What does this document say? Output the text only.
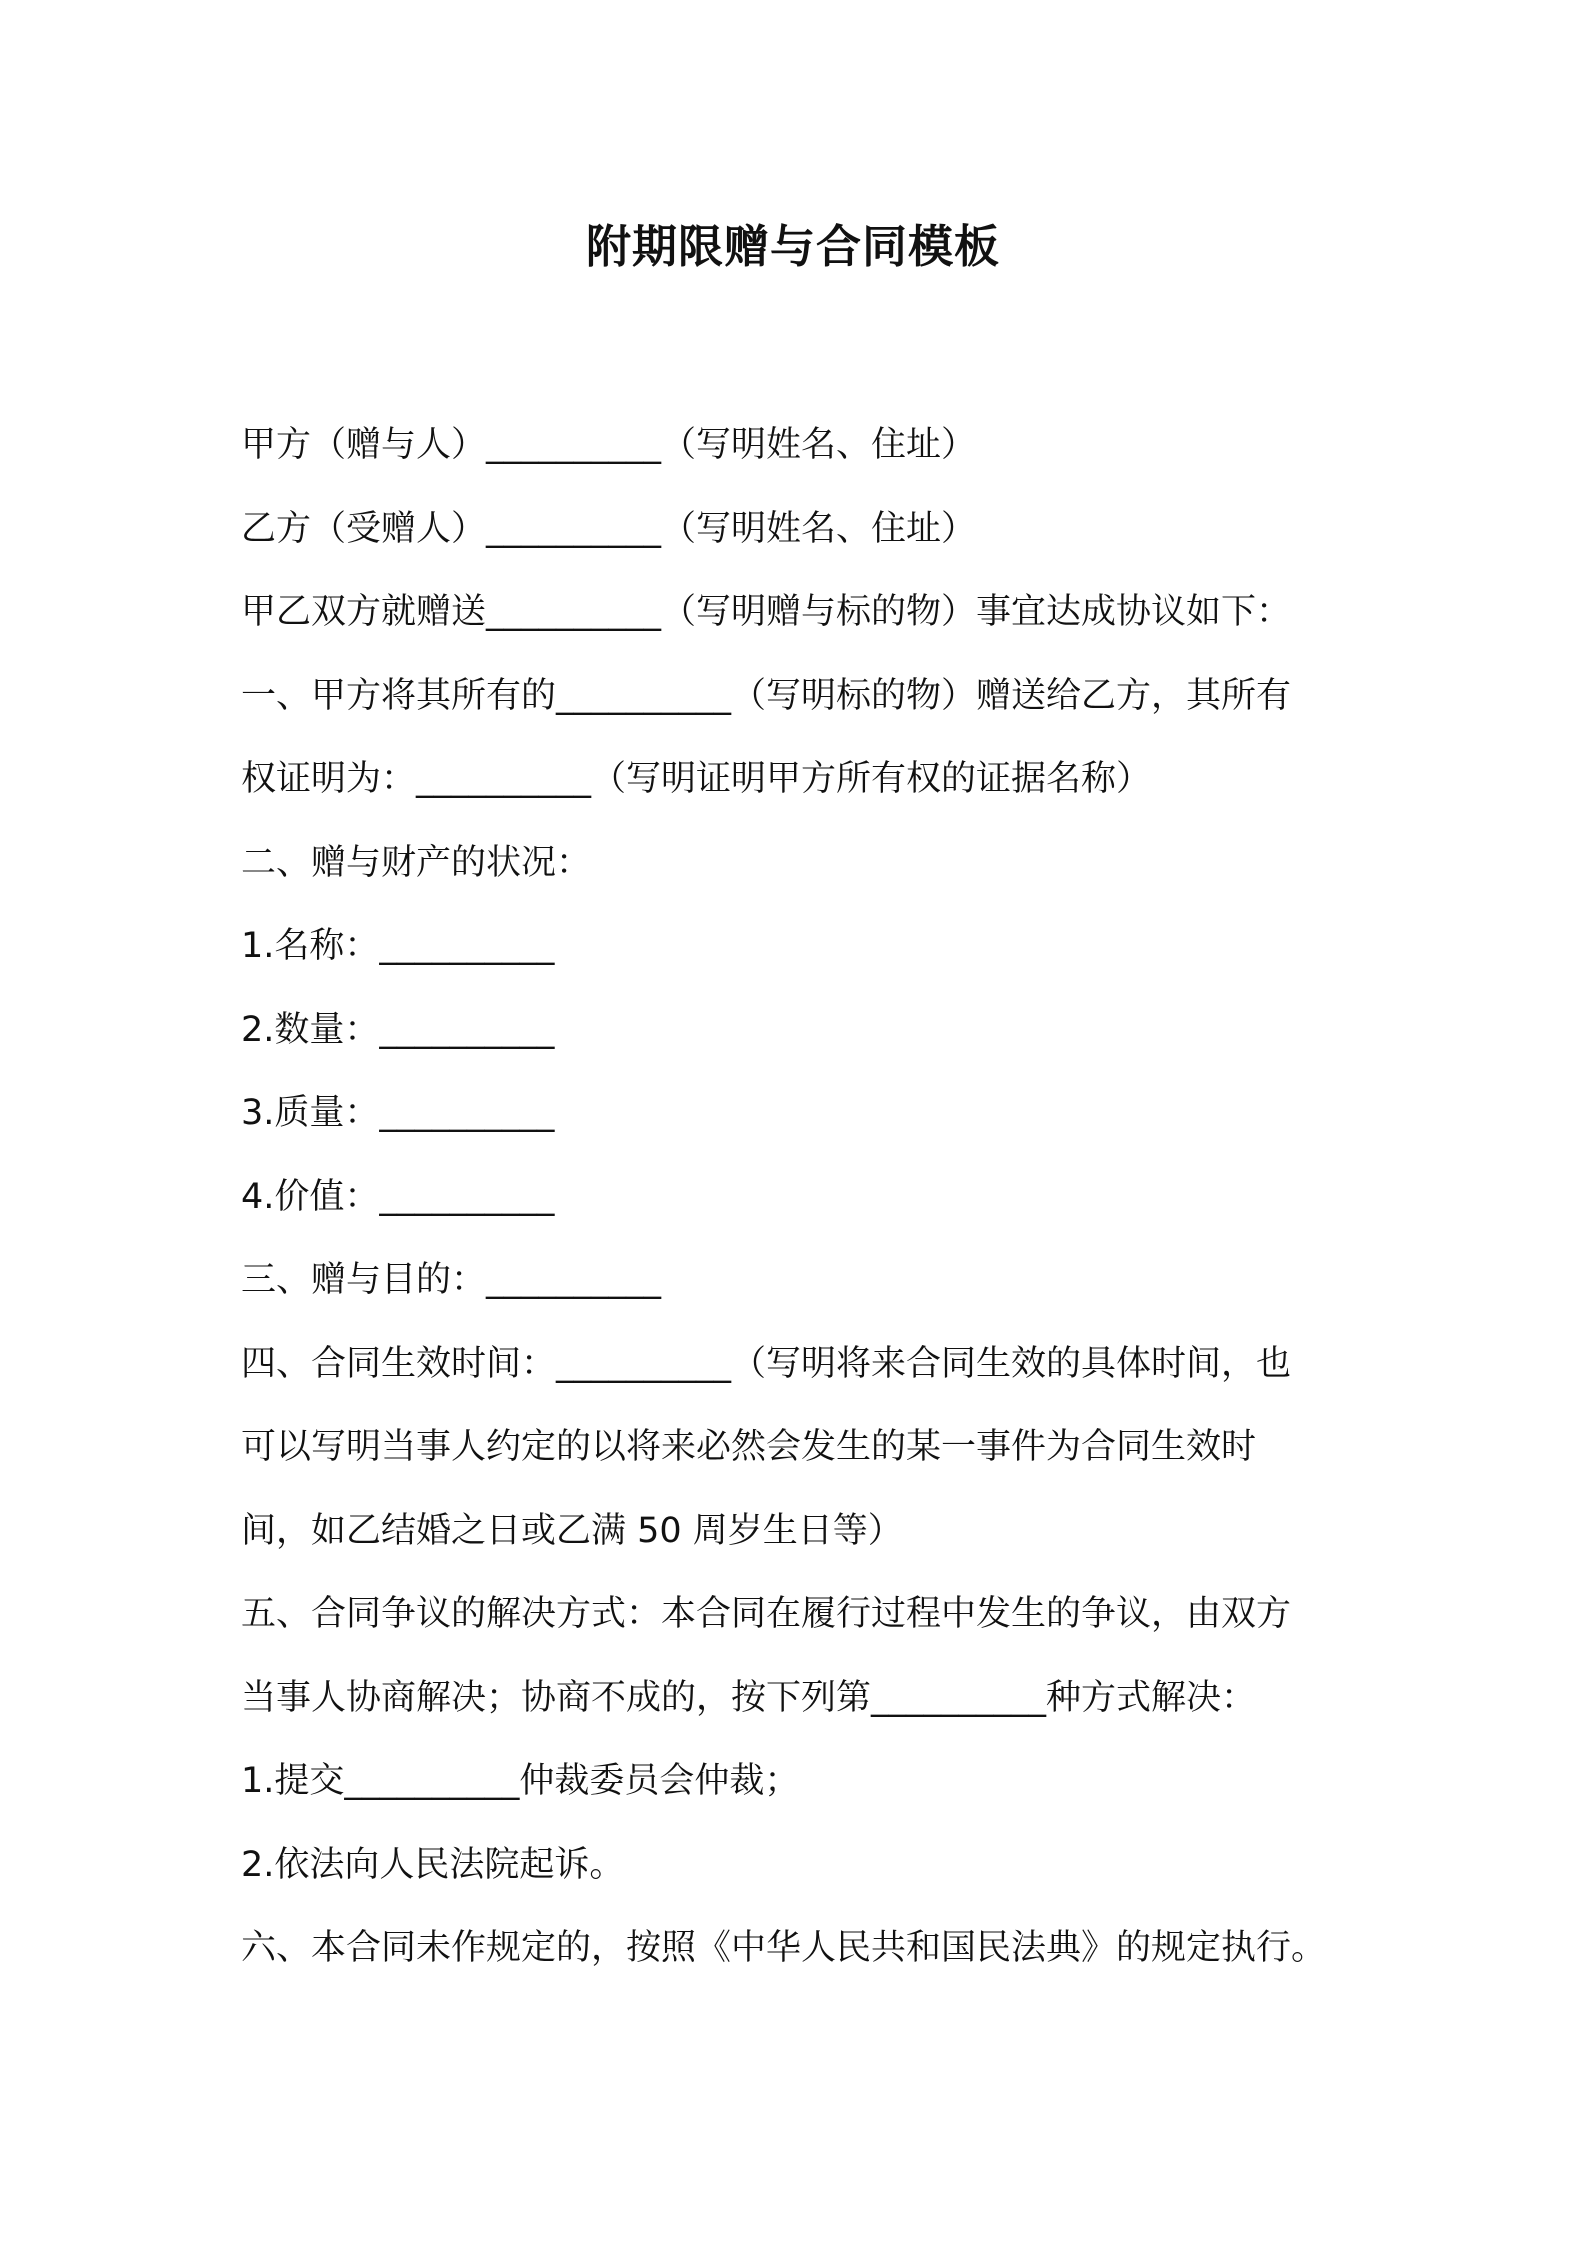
附期限赠与合同模板
甲方（赠与人）__________（写明姓名、住址）
乙方（受赠人）__________（写明姓名、住址）
甲乙双方就赠送__________（写明赠与标的物）事宜达成协议如下：
一、甲方将其所有的__________（写明标的物）赠送给乙方，其所有
权证明为：__________（写明证明甲方所有权的证据名称）
二、赠与财产的状况：
1.名称：__________
2.数量：__________
3.质量：__________
4.价值：__________
三、赠与目的：__________
四、合同生效时间：__________（写明将来合同生效的具体时间，也
可以写明当事人约定的以将来必然会发生的某一事件为合同生效时
间，如乙结婚之日或乙满 50 周岁生日等）
五、合同争议的解决方式：本合同在履行过程中发生的争议，由双方
当事人协商解决；协商不成的，按下列第__________种方式解决：
1.提交__________仲裁委员会仲裁；
2.依法向人民法院起诉。
六、本合同未作规定的，按照《中华人民共和国民法典》的规定执行。
